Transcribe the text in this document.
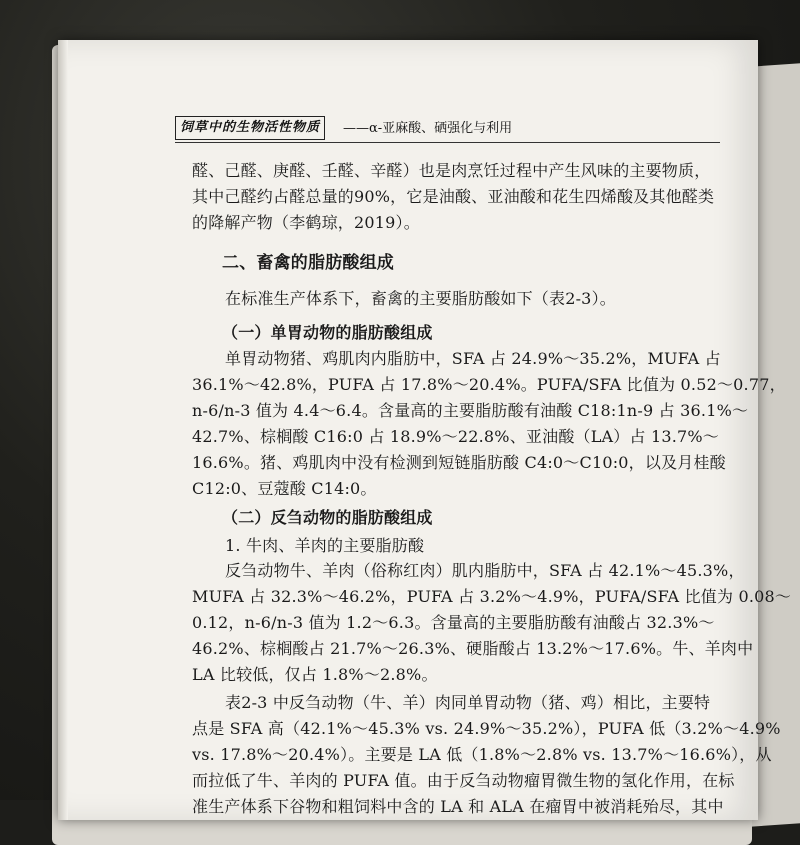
饲草中的生物活性物质	——α-亚麻酸、硒强化与利用
醛、己醛、庚醛、壬醛、辛醛）也是肉烹饪过程中产生风味的主要物质，
其中己醛约占醛总量的90%，它是油酸、亚油酸和花生四烯酸及其他醛类
的降解产物（李鹤琼，2019）。
二、畜禽的脂肪酸组成
在标准生产体系下，畜禽的主要脂肪酸如下（表2-3）。
（一）单胃动物的脂肪酸组成
单胃动物猪、鸡肌肉内脂肪中，SFA 占 24.9%～35.2%，MUFA 占
36.1%～42.8%，PUFA 占 17.8%～20.4%。PUFA/SFA 比值为 0.52～0.77，
n-6/n-3 值为 4.4～6.4。含量高的主要脂肪酸有油酸 C18:1n-9 占 36.1%～
42.7%、棕榈酸 C16:0 占 18.9%～22.8%、亚油酸（LA）占 13.7%～
16.6%。猪、鸡肌肉中没有检测到短链脂肪酸 C4:0～C10:0，以及月桂酸
C12:0、豆蔻酸 C14:0。
（二）反刍动物的脂肪酸组成
1. 牛肉、羊肉的主要脂肪酸
反刍动物牛、羊肉（俗称红肉）肌内脂肪中，SFA 占 42.1%～45.3%，
MUFA 占 32.3%～46.2%，PUFA 占 3.2%～4.9%，PUFA/SFA 比值为 0.08～
0.12，n-6/n-3 值为 1.2～6.3。含量高的主要脂肪酸有油酸占 32.3%～
46.2%、棕榈酸占 21.7%～26.3%、硬脂酸占 13.2%～17.6%。牛、羊肉中
LA 比较低，仅占 1.8%～2.8%。
表2-3 中反刍动物（牛、羊）肉同单胃动物（猪、鸡）相比，主要特
点是 SFA 高（42.1%～45.3% vs. 24.9%～35.2%），PUFA 低（3.2%～4.9%
vs. 17.8%～20.4%）。主要是 LA 低（1.8%～2.8% vs. 13.7%～16.6%），从
而拉低了牛、羊肉的 PUFA 值。由于反刍动物瘤胃微生物的氢化作用，在标
准生产体系下谷物和粗饲料中含的 LA 和 ALA 在瘤胃中被消耗殆尽，其中
